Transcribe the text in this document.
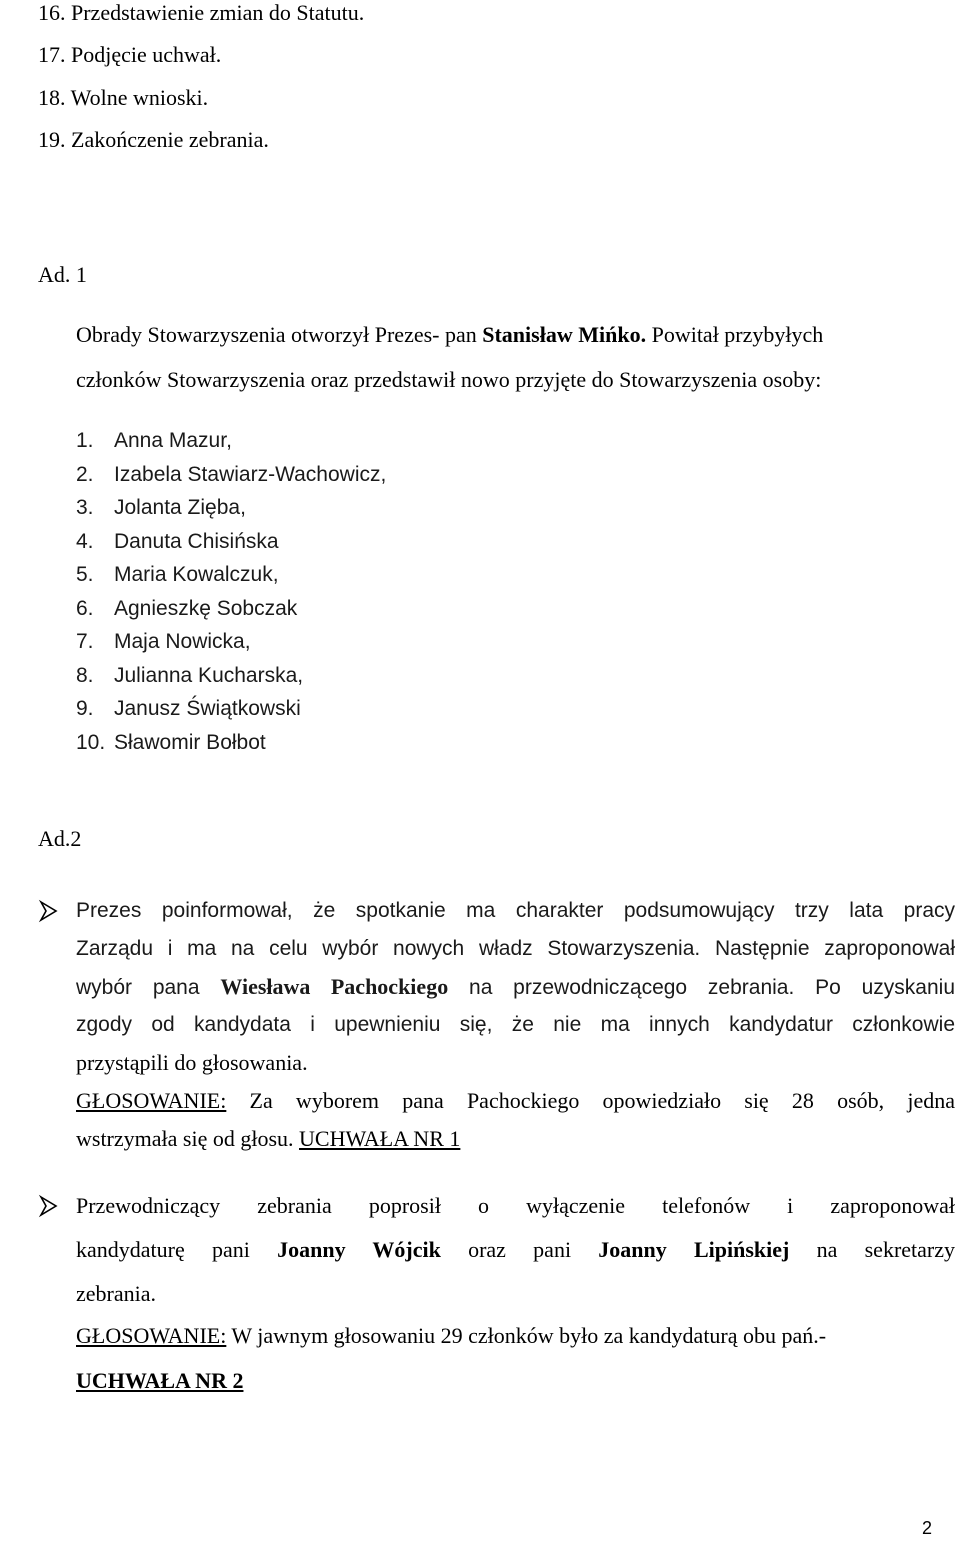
16. Przedstawienie zmian do Statutu.
17. Podjęcie uchwał.
18. Wolne wnioski.
19. Zakończenie zebrania.
Ad. 1
Obrady Stowarzyszenia otworzył Prezes- pan Stanisław Mińko. Powitał przybyłych
członków Stowarzyszenia oraz przedstawił nowo przyjęte do Stowarzyszenia osoby:
1. Anna Mazur,
2. Izabela Stawiarz-Wachowicz,
3. Jolanta Zięba,
4. Danuta Chisińska
5. Maria Kowalczuk,
6. Agnieszkę Sobczak
7. Maja Nowicka,
8. Julianna Kucharska,
9. Janusz Świątkowski
10. Sławomir Bołbot
Ad.2
Prezes poinformował, że spotkanie ma charakter podsumowujący trzy lata pracy
Zarządu i ma na celu wybór nowych władz Stowarzyszenia. Następnie zaproponował
wybór pana Wiesława Pachockiego na przewodniczącego zebrania. Po uzyskaniu
zgody od kandydata i upewnieniu się, że nie ma innych kandydatur członkowie
przystąpili do głosowania.
GŁOSOWANIE: Za wyborem pana Pachockiego opowiedziało się 28 osób, jedna
wstrzymała się od głosu. UCHWAŁA NR 1
Przewodniczący zebrania poprosił o wyłączenie telefonów i zaproponował
kandydaturę pani Joanny Wójcik oraz pani Joanny Lipińskiej na sekretarzy
zebrania.
GŁOSOWANIE: W jawnym głosowaniu 29 członków było za kandydaturą obu pań.-
UCHWAŁA NR 2
2
